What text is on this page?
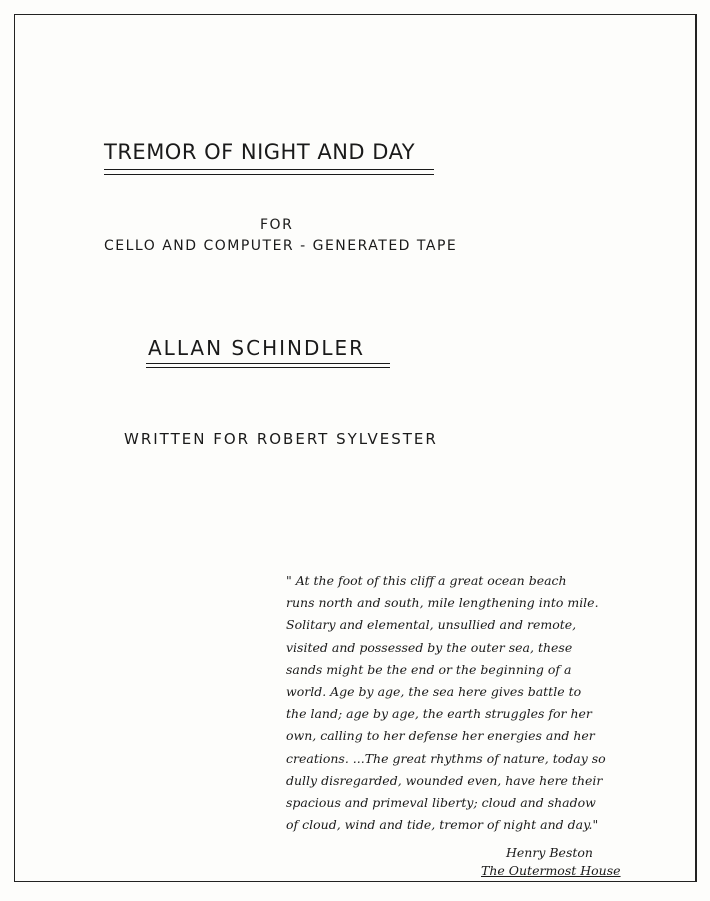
TREMOR OF NIGHT AND DAY
FOR
CELLO AND COMPUTER - GENERATED TAPE
ALLAN SCHINDLER
WRITTEN FOR ROBERT SYLVESTER
" At the foot of this cliff a great ocean beach
runs north and south, mile lengthening into mile.
Solitary and elemental, unsullied and remote,
visited and possessed by the outer sea, these
sands might be the end or the beginning of a
world. Age by age, the sea here gives battle to
the land; age by age, the earth struggles for her
own, calling to her defense her energies and her
creations. ...The great rhythms of nature, today so
dully disregarded, wounded even, have here their
spacious and primeval liberty; cloud and shadow
of cloud, wind and tide, tremor of night and day."
Henry Beston
The Outermost House
